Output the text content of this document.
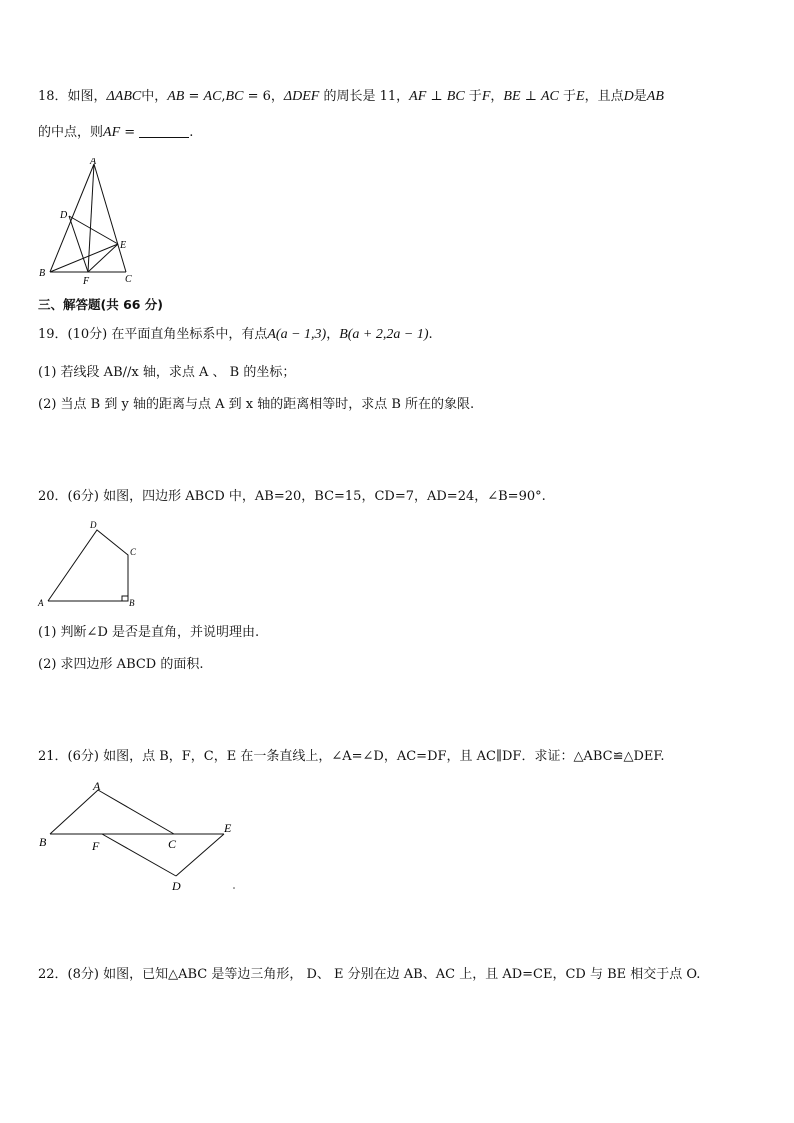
18．如图，ΔABC中，AB = AC,BC = 6，ΔDEF 的周长是 11，AF ⊥ BC 于F，BE ⊥ AC 于E，且点D是AB
的中点，则AF =	.
A
D
E
B
F	C
三、解答题(共 66 分)
19．(10分) 在平面直角坐标系中，有点A(a − 1,3)，B(a + 2,2a − 1).
(1) 若线段 AB//x 轴，求点 A 、 B 的坐标；
(2) 当点 B 到 y 轴的距离与点 A 到 x 轴的距离相等时，求点 B 所在的象限.
20．(6分) 如图，四边形 ABCD 中，AB=20，BC=15，CD=7，AD=24，∠B=90°.
D
C
A	B
(1) 判断∠D 是否是直角，并说明理由.
(2) 求四边形 ABCD 的面积.
21．(6分) 如图，点 B，F，C，E 在一条直线上，∠A=∠D，AC=DF，且 AC∥DF．求证：△ABC≌△DEF.
A
E
B	F	C
D
22．(8分) 如图，已知△ABC 是等边三角形， D、 E 分别在边 AB、AC 上，且 AD=CE，CD 与 BE 相交于点 O.
